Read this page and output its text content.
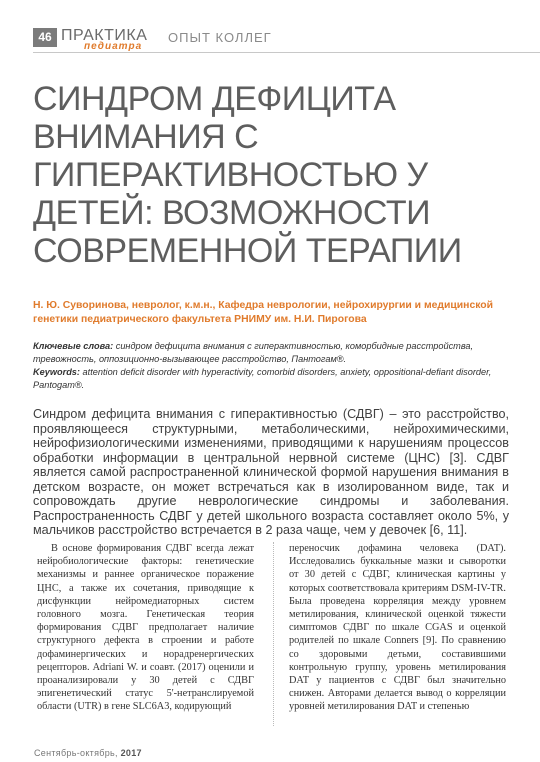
46 ПРАКТИКА
педиатра
ОПЫТ КОЛЛЕГ
СИНДРОМ ДЕФИЦИТА ВНИМАНИЯ С ГИПЕРАКТИВНОСТЬЮ У ДЕТЕЙ: ВОЗМОЖНОСТИ СОВРЕМЕННОЙ ТЕРАПИИ
Н. Ю. Суворинова, невролог, к.м.н., Кафедра неврологии, нейрохирургии и медицинской генетики педиатрического факультета РНИМУ им. Н.И. Пирогова
Ключевые слова: синдром дефицита внимания с гиперактивностью, коморбидные расстройства, тревожность, оппозиционно-вызывающее расстройство, Пантогам®.
Keywords: attention deficit disorder with hyperactivity, comorbid disorders, anxiety, oppositional-defiant disorder, Pantogam®.
Синдром дефицита внимания с гиперактивностью (СДВГ) – это расстройство, проявляющееся структурными, метаболическими, нейрохимическими, нейрофизиологическими изменениями, приводящими к нарушениям процессов обработки информации в центральной нервной системе (ЦНС) [3]. СДВГ является самой распространенной клинической формой нарушения внимания в детском возрасте, он может встречаться как в изолированном виде, так и сопровождать другие неврологические синдромы и заболевания. Распространенность СДВГ у детей школьного возраста составляет около 5%, у мальчиков расстройство встречается в 2 раза чаще, чем у девочек [6, 11].
В основе формирования СДВГ всегда лежат нейробиологические факторы: генетические механизмы и раннее органическое поражение ЦНС, а также их сочетания, приводящие к дисфункции нейромедиаторных систем головного мозга. Генетическая теория формирования СДВГ предполагает наличие структурного дефекта в строении и работе дофаминергических и норадренергических рецепторов. Adriani W. и соавт. (2017) оценили и проанализировали у 30 детей с СДВГ эпигенетический статус 5'-нетранслируемой области (UTR) в гене SLC6A3, кодирующий
переносчик дофамина человека (DAT). Исследовались буккальные мазки и сыворотки от 30 детей с СДВГ, клиническая картины у которых соответствовала критериям DSM-IV-TR. Была проведена корреляция между уровнем метилирования, клинической оценкой тяжести симптомов СДВГ по шкале CGAS и оценкой родителей по шкале Conners [9]. По сравнению со здоровыми детьми, составившими контрольную группу, уровень метилирования DAT у пациентов с СДВГ был значительно снижен. Авторами делается вывод о корреляции уровней метилирования DAT и степенью
Сентябрь-октябрь, 2017
